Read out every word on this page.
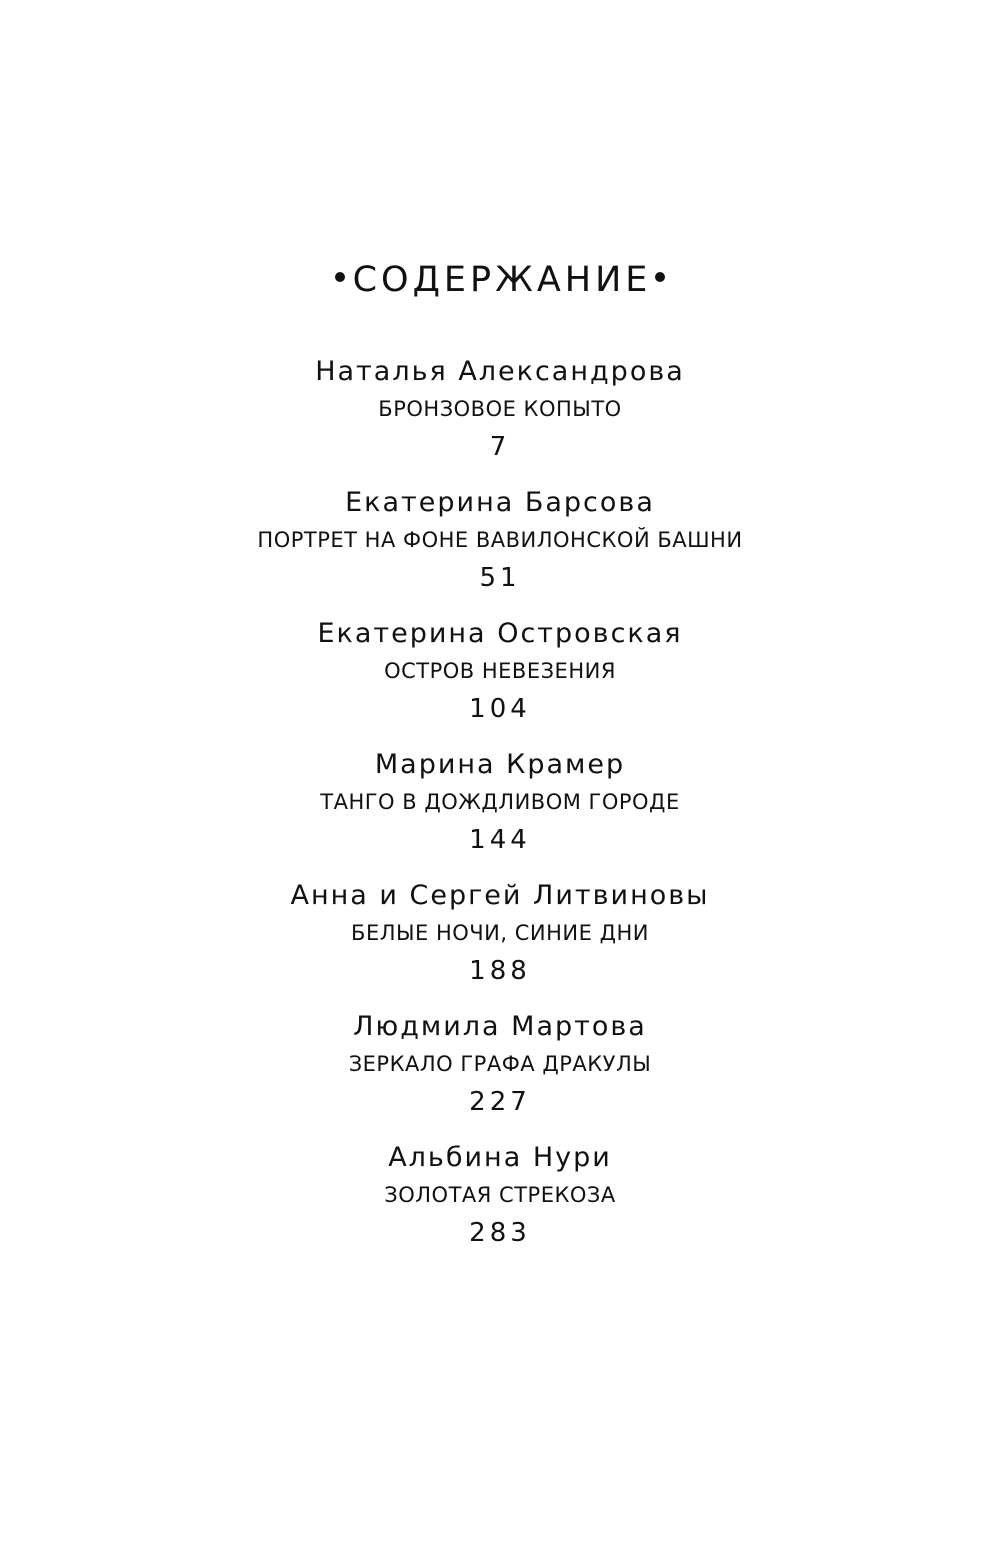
СОДЕРЖАНИЕ
Наталья Александрова
БРОНЗОВОЕ КОПЫТО
7
Екатерина Барсова
ПОРТРЕТ НА ФОНЕ ВАВИЛОНСКОЙ БАШНИ
51
Екатерина Островская
ОСТРОВ НЕВЕЗЕНИЯ
104
Марина Крамер
ТАНГО В ДОЖДЛИВОМ ГОРОДЕ
144
Анна и Сергей Литвиновы
БЕЛЫЕ НОЧИ, СИНИЕ ДНИ
188
Людмила Мартова
ЗЕРКАЛО ГРАФА ДРАКУЛЫ
227
Альбина Нури
ЗОЛОТАЯ СТРЕКОЗА
283
